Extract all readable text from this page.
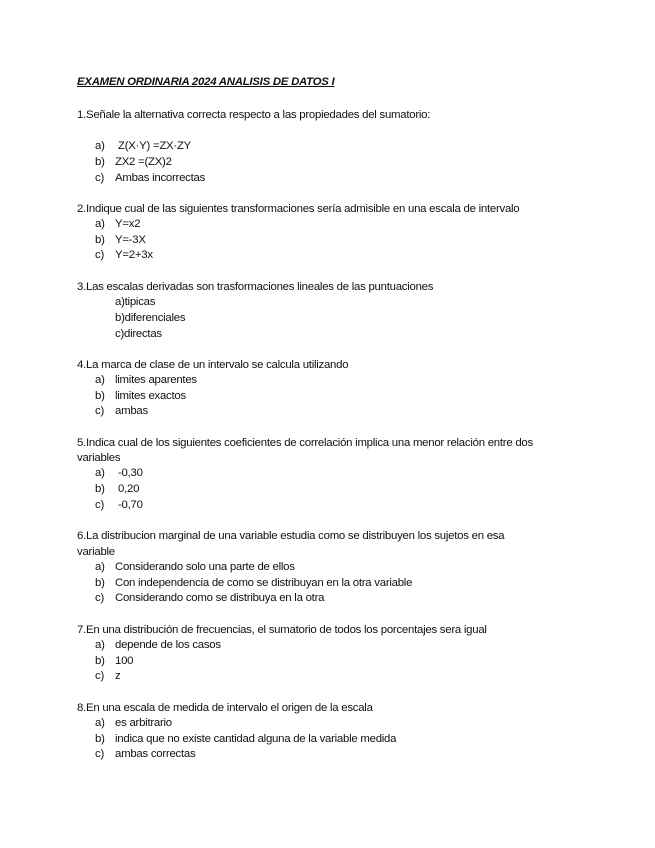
EXAMEN ORDINARIA 2024 ANALISIS DE DATOS I
1.Señale la alternativa correcta respecto a las propiedades del sumatorio:
a) Z(X·Y) =ZX·ZY
b) ZX2 =(ZX)2
c) Ambas incorrectas
2.Indique cual de las siguientes transformaciones sería admisible en una escala de intervalo
a) Y=x2
b) Y=-3X
c) Y=2+3x
3.Las escalas derivadas son trasformaciones lineales de las puntuaciones
a)tipicas
b)diferenciales
c)directas
4.La marca de clase de un intervalo se calcula utilizando
a) limites aparentes
b) limites exactos
c) ambas
5.Indica cual de los siguientes coeficientes de correlación implica una menor relación entre dos
variables
a) -0,30
b) 0,20
c) -0,70
6.La distribucion marginal de una variable estudia como se distribuyen los sujetos en esa
variable
a) Considerando solo una parte de ellos
b) Con independencia de como se distribuyan en la otra variable
c) Considerando como se distribuya en la otra
7.En una distribución de frecuencias, el sumatorio de todos los porcentajes sera igual
a) depende de los casos
b) 100
c) z
8.En una escala de medida de intervalo el origen de la escala
a) es arbitrario
b) indica que no existe cantidad alguna de la variable medida
c) ambas correctas
